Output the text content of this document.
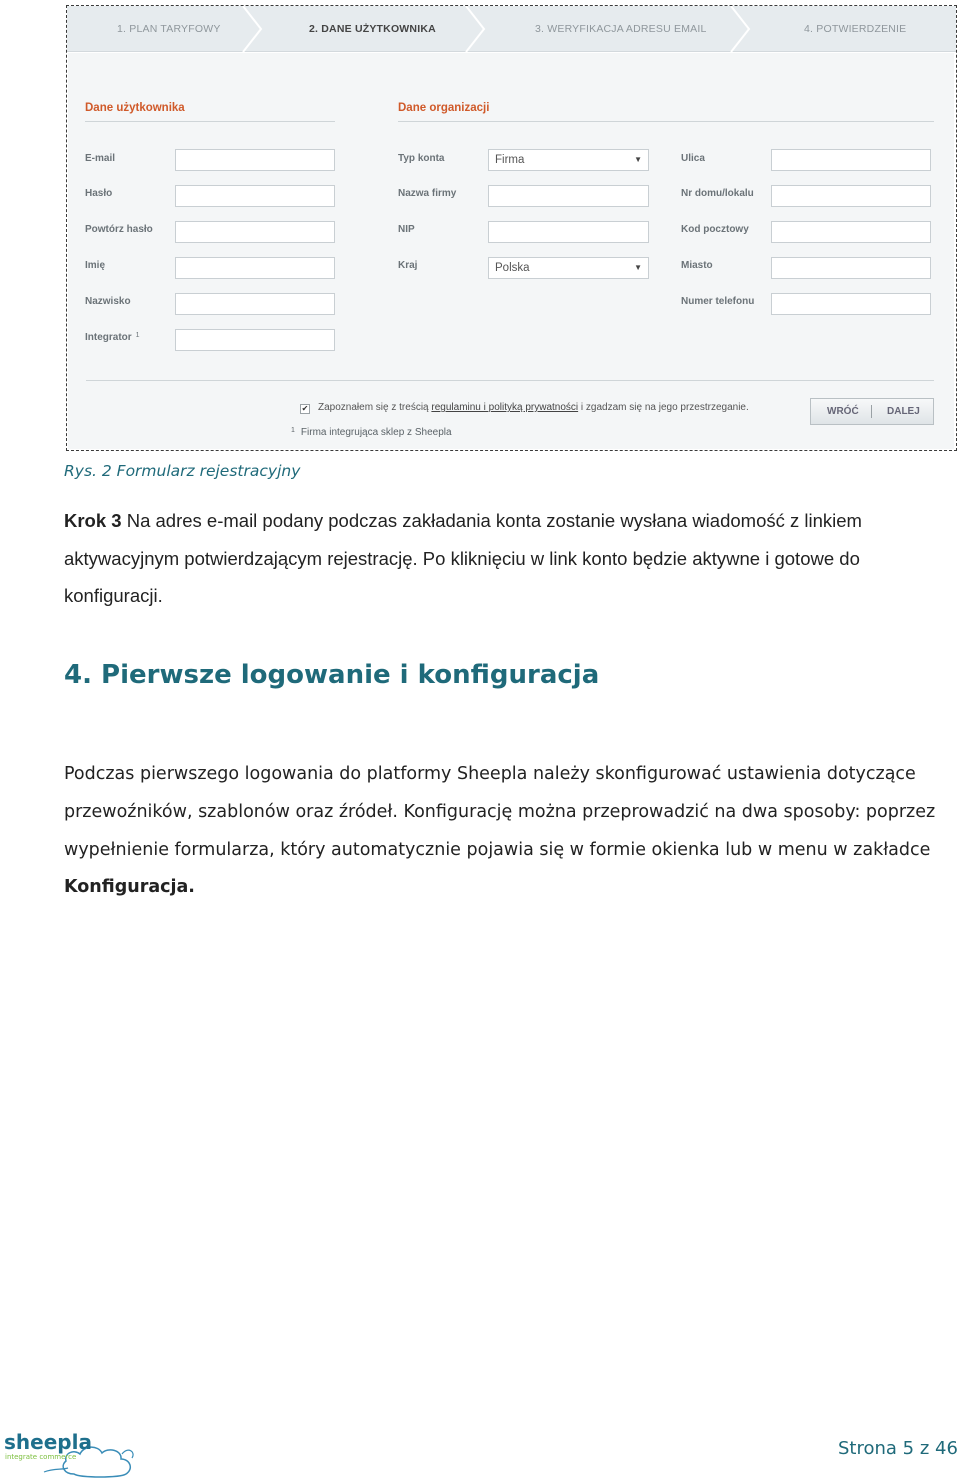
1. PLAN TARYFOWY	2. DANE UŻYTKOWNIKA	3. WERYFIKACJA ADRESU EMAIL	4. POTWIERDZENIE
Dane użytkownika
E-mail
Hasło
Powtórz hasło
Imię
Nazwisko
Integrator $^1$
Dane organizacji
Typ konta	Firma	▼
Nazwa firmy
NIP
Kraj	Polska	▼
Ulica
Nr domu/lokalu
Kod pocztowy
Miasto
Numer telefonu
✔ Zapoznałem się z treścią regulaminu i polityką prywatności i zgadzam się na jego przestrzeganie.
$^1$ Firma integrująca sklep z Sheepla
WRÓĆ	DALEJ
Rys. 2 Formularz rejestracyjny

Krok 3 Na adres e-mail podany podczas zakładania konta zostanie wysłana wiadomość z linkiem aktywacyjnym potwierdzającym rejestrację. Po kliknięciu w link konto będzie aktywne i gotowe do konfiguracji.

4. Pierwsze logowanie i konfiguracja

Podczas pierwszego logowania do platformy Sheepla należy skonfigurować ustawienia dotyczące przewoźników, szablonów oraz źródeł. Konfigurację można przeprowadzić na dwa sposoby: poprzez wypełnienie formularza, który automatycznie pojawia się w formie okienka lub w menu w zakładce Konfiguracja.

sheepla
integrate commerce	Strona 5 z 46
